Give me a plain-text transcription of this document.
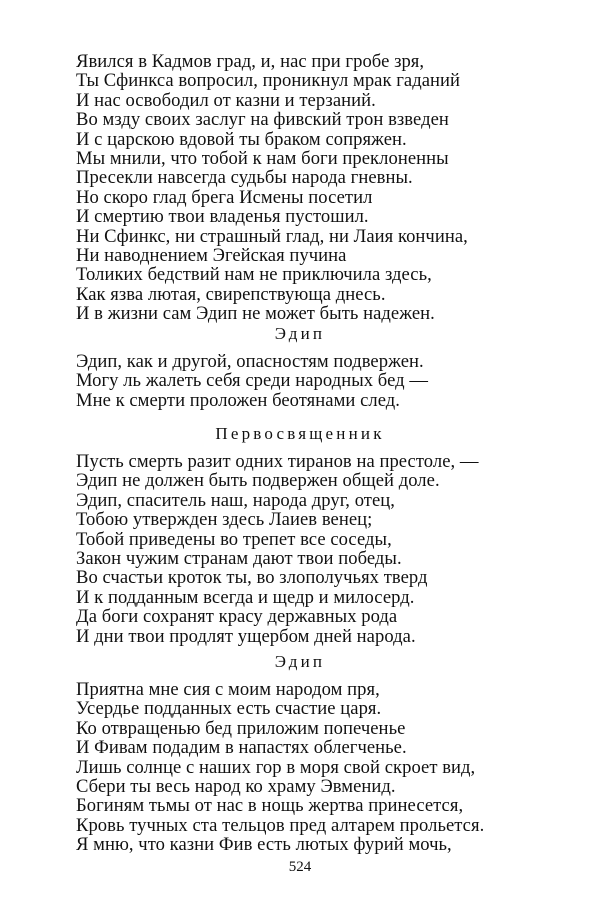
Явился в Кадмов град, и, нас при гробе зря,
Ты Сфинкса вопросил, проникнул мрак гаданий
И нас освободил от казни и терзаний.
Во мзду своих заслуг на фивский трон взведен
И с царскою вдовой ты браком сопряжен.
Мы мнили, что тобой к нам боги преклоненны
Пресекли навсегда судьбы народа гневны.
Но скоро глад брега Исмены посетил
И смертию твои владенья пустошил.
Ни Сфинкс, ни страшный глад, ни Лаия кончина,
Ни наводнением Эгейская пучина
Толиких бедствий нам не приключила здесь,
Как язва лютая, свирепствующа днесь.
И в жизни сам Эдип не может быть надежен.
Эдип
Эдип, как и другой, опасностям подвержен.
Могу ль жалеть себя среди народных бед —
Мне к смерти проложен беотянами след.
Первосвященник
Пусть смерть разит одних тиранов на престоле, —
Эдип не должен быть подвержен общей доле.
Эдип, спаситель наш, народа друг, отец,
Тобою утвержден здесь Лаиев венец;
Тобой приведены во трепет все соседы,
Закон чужим странам дают твои победы.
Во счастьи кроток ты, во злополучьях тверд
И к подданным всегда и щедр и милосерд.
Да боги сохранят красу державных рода
И дни твои продлят ущербом дней народа.
Эдип
Приятна мне сия с моим народом пря,
Усердье подданных есть счастие царя.
Ко отвращенью бед приложим попеченье
И Фивам подадим в напастях облегченье.
Лишь солнце с наших гор в моря свой скроет вид,
Сбери ты весь народ ко храму Эвменид.
Богиням тьмы от нас в нощь жертва принесется,
Кровь тучных ста тельцов пред алтарем прольется.
Я мню, что казни Фив есть лютых фурий мочь,
524
